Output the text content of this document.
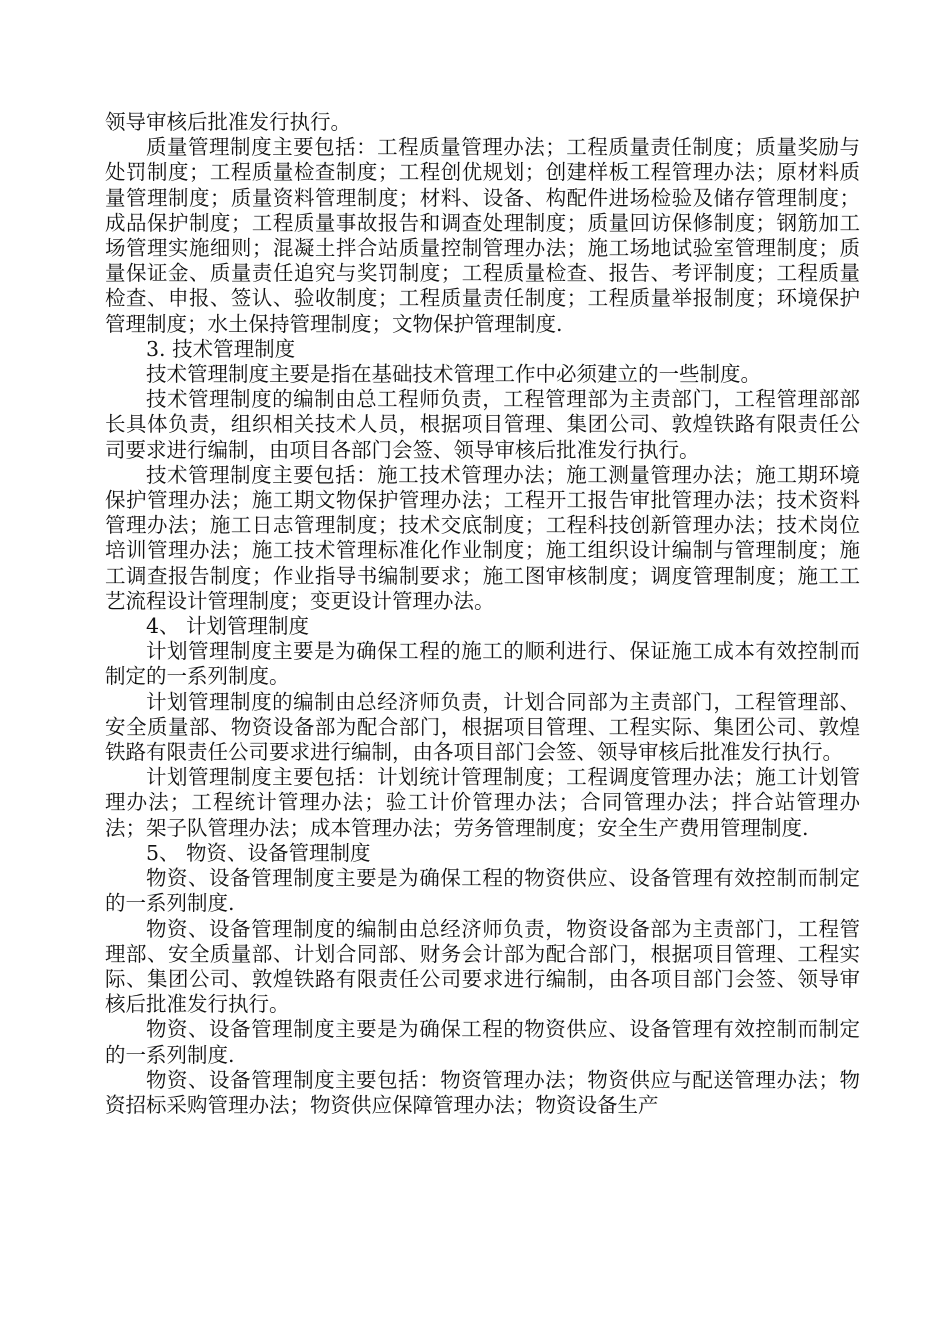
领导审核后批准发行执行。

质量管理制度主要包括：工程质量管理办法；工程质量责任制度；质量奖励与处罚制度；工程质量检查制度；工程创优规划；创建样板工程管理办法；原材料质量管理制度；质量资料管理制度；材料、设备、构配件进场检验及储存管理制度；成品保护制度；工程质量事故报告和调查处理制度；质量回访保修制度；钢筋加工场管理实施细则；混凝土拌合站质量控制管理办法；施工场地试验室管理制度；质量保证金、质量责任追究与奖罚制度；工程质量检查、报告、考评制度；工程质量检查、申报、签认、验收制度；工程质量责任制度；工程质量举报制度；环境保护管理制度；水土保持管理制度；文物保护管理制度.

3. 技术管理制度

技术管理制度主要是指在基础技术管理工作中必须建立的一些制度。

技术管理制度的编制由总工程师负责，工程管理部为主责部门，工程管理部部长具体负责，组织相关技术人员，根据项目管理、集团公司、敦煌铁路有限责任公司要求进行编制，由项目各部门会签、领导审核后批准发行执行。

技术管理制度主要包括：施工技术管理办法；施工测量管理办法；施工期环境保护管理办法；施工期文物保护管理办法；工程开工报告审批管理办法；技术资料管理办法；施工日志管理制度；技术交底制度；工程科技创新管理办法；技术岗位培训管理办法；施工技术管理标准化作业制度；施工组织设计编制与管理制度；施工调查报告制度；作业指导书编制要求；施工图审核制度；调度管理制度；施工工艺流程设计管理制度；变更设计管理办法。

4、 计划管理制度

计划管理制度主要是为确保工程的施工的顺利进行、保证施工成本有效控制而制定的一系列制度。

计划管理制度的编制由总经济师负责，计划合同部为主责部门，工程管理部、安全质量部、物资设备部为配合部门，根据项目管理、工程实际、集团公司、敦煌铁路有限责任公司要求进行编制，由各项目部门会签、领导审核后批准发行执行。

计划管理制度主要包括：计划统计管理制度；工程调度管理办法；施工计划管理办法；工程统计管理办法；验工计价管理办法；合同管理办法；拌合站管理办法；架子队管理办法；成本管理办法；劳务管理制度；安全生产费用管理制度.

5、 物资、设备管理制度

物资、设备管理制度主要是为确保工程的物资供应、设备管理有效控制而制定的一系列制度.

物资、设备管理制度的编制由总经济师负责，物资设备部为主责部门，工程管理部、安全质量部、计划合同部、财务会计部为配合部门，根据项目管理、工程实际、集团公司、敦煌铁路有限责任公司要求进行编制，由各项目部门会签、领导审核后批准发行执行。

物资、设备管理制度主要是为确保工程的物资供应、设备管理有效控制而制定的一系列制度.

物资、设备管理制度主要包括：物资管理办法；物资供应与配送管理办法；物资招标采购管理办法；物资供应保障管理办法；物资设备生产
